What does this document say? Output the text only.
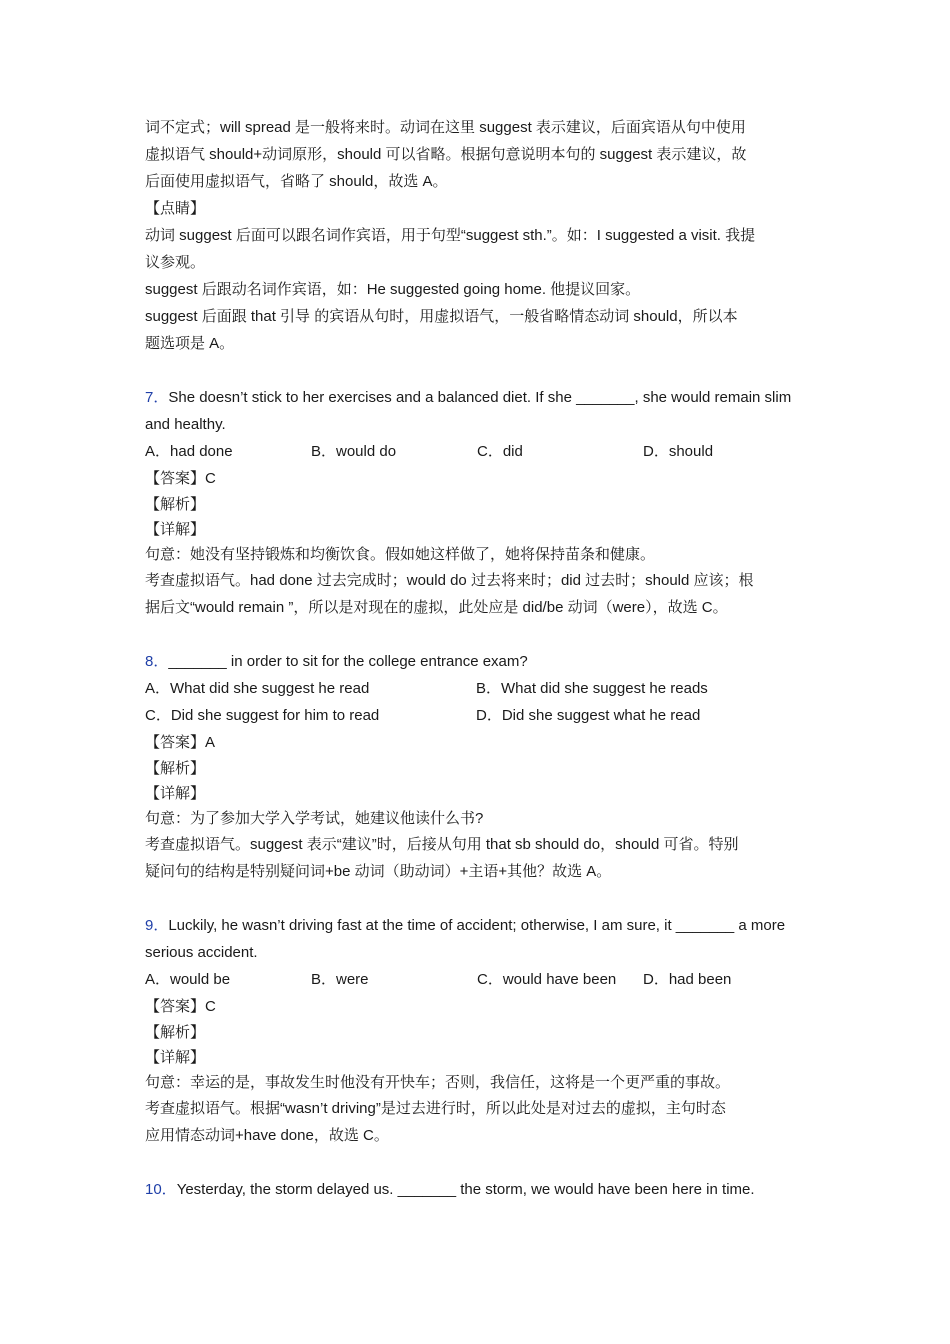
词不定式；will spread 是一般将来时。动词在这里 suggest 表示建议，后面宾语从句中使用

虚拟语气 should+动词原形，should 可以省略。根据句意说明本句的 suggest 表示建议，故

后面使用虚拟语气，省略了 should，故选 A。

【点睛】

动词 suggest 后面可以跟名词作宾语，用于句型“suggest sth.”。如：I suggested a visit. 我提

议参观。

suggest 后跟动名词作宾语，如：He suggested going home. 他提议回家。

suggest 后面跟 that 引导 的宾语从句时，用虚拟语气，一般省略情态动词 should，所以本

题选项是 A。

7．She doesn’t stick to her exercises and a balanced diet. If she _______, she would remain slim

and healthy.

A．had done	B．would do	C．did	D．should

【答案】C

【解析】

【详解】

句意：她没有坚持锻炼和均衡饮食。假如她这样做了，她将保持苗条和健康。

考查虚拟语气。had done 过去完成时；would do 过去将来时；did 过去时；should 应该；根

据后文“would remain ”，所以是对现在的虚拟，此处应是 did/be 动词（were），故选 C。

8．_______ in order to sit for the college entrance exam?

A．What did she suggest he read	B．What did she suggest he reads
C．Did she suggest for him to read	D．Did she suggest what he read

【答案】A

【解析】

【详解】

句意：为了参加大学入学考试，她建议他读什么书?

考查虚拟语气。suggest 表示“建议”时，后接从句用 that sb should do，should 可省。特别

疑问句的结构是特别疑问词+be 动词（助动词）+主语+其他？故选 A。

9．Luckily, he wasn’t driving fast at the time of accident; otherwise, I am sure, it _______ a more

serious accident.

A．would be	B．were	C．would have been	D．had been

【答案】C

【解析】

【详解】

句意：幸运的是，事故发生时他没有开快车；否则，我信任，这将是一个更严重的事故。

考查虚拟语气。根据“wasn’t driving”是过去进行时，所以此处是对过去的虚拟，主句时态

应用情态动词+have done，故选 C。

10．Yesterday, the storm delayed us. _______ the storm, we would have been here in time.
